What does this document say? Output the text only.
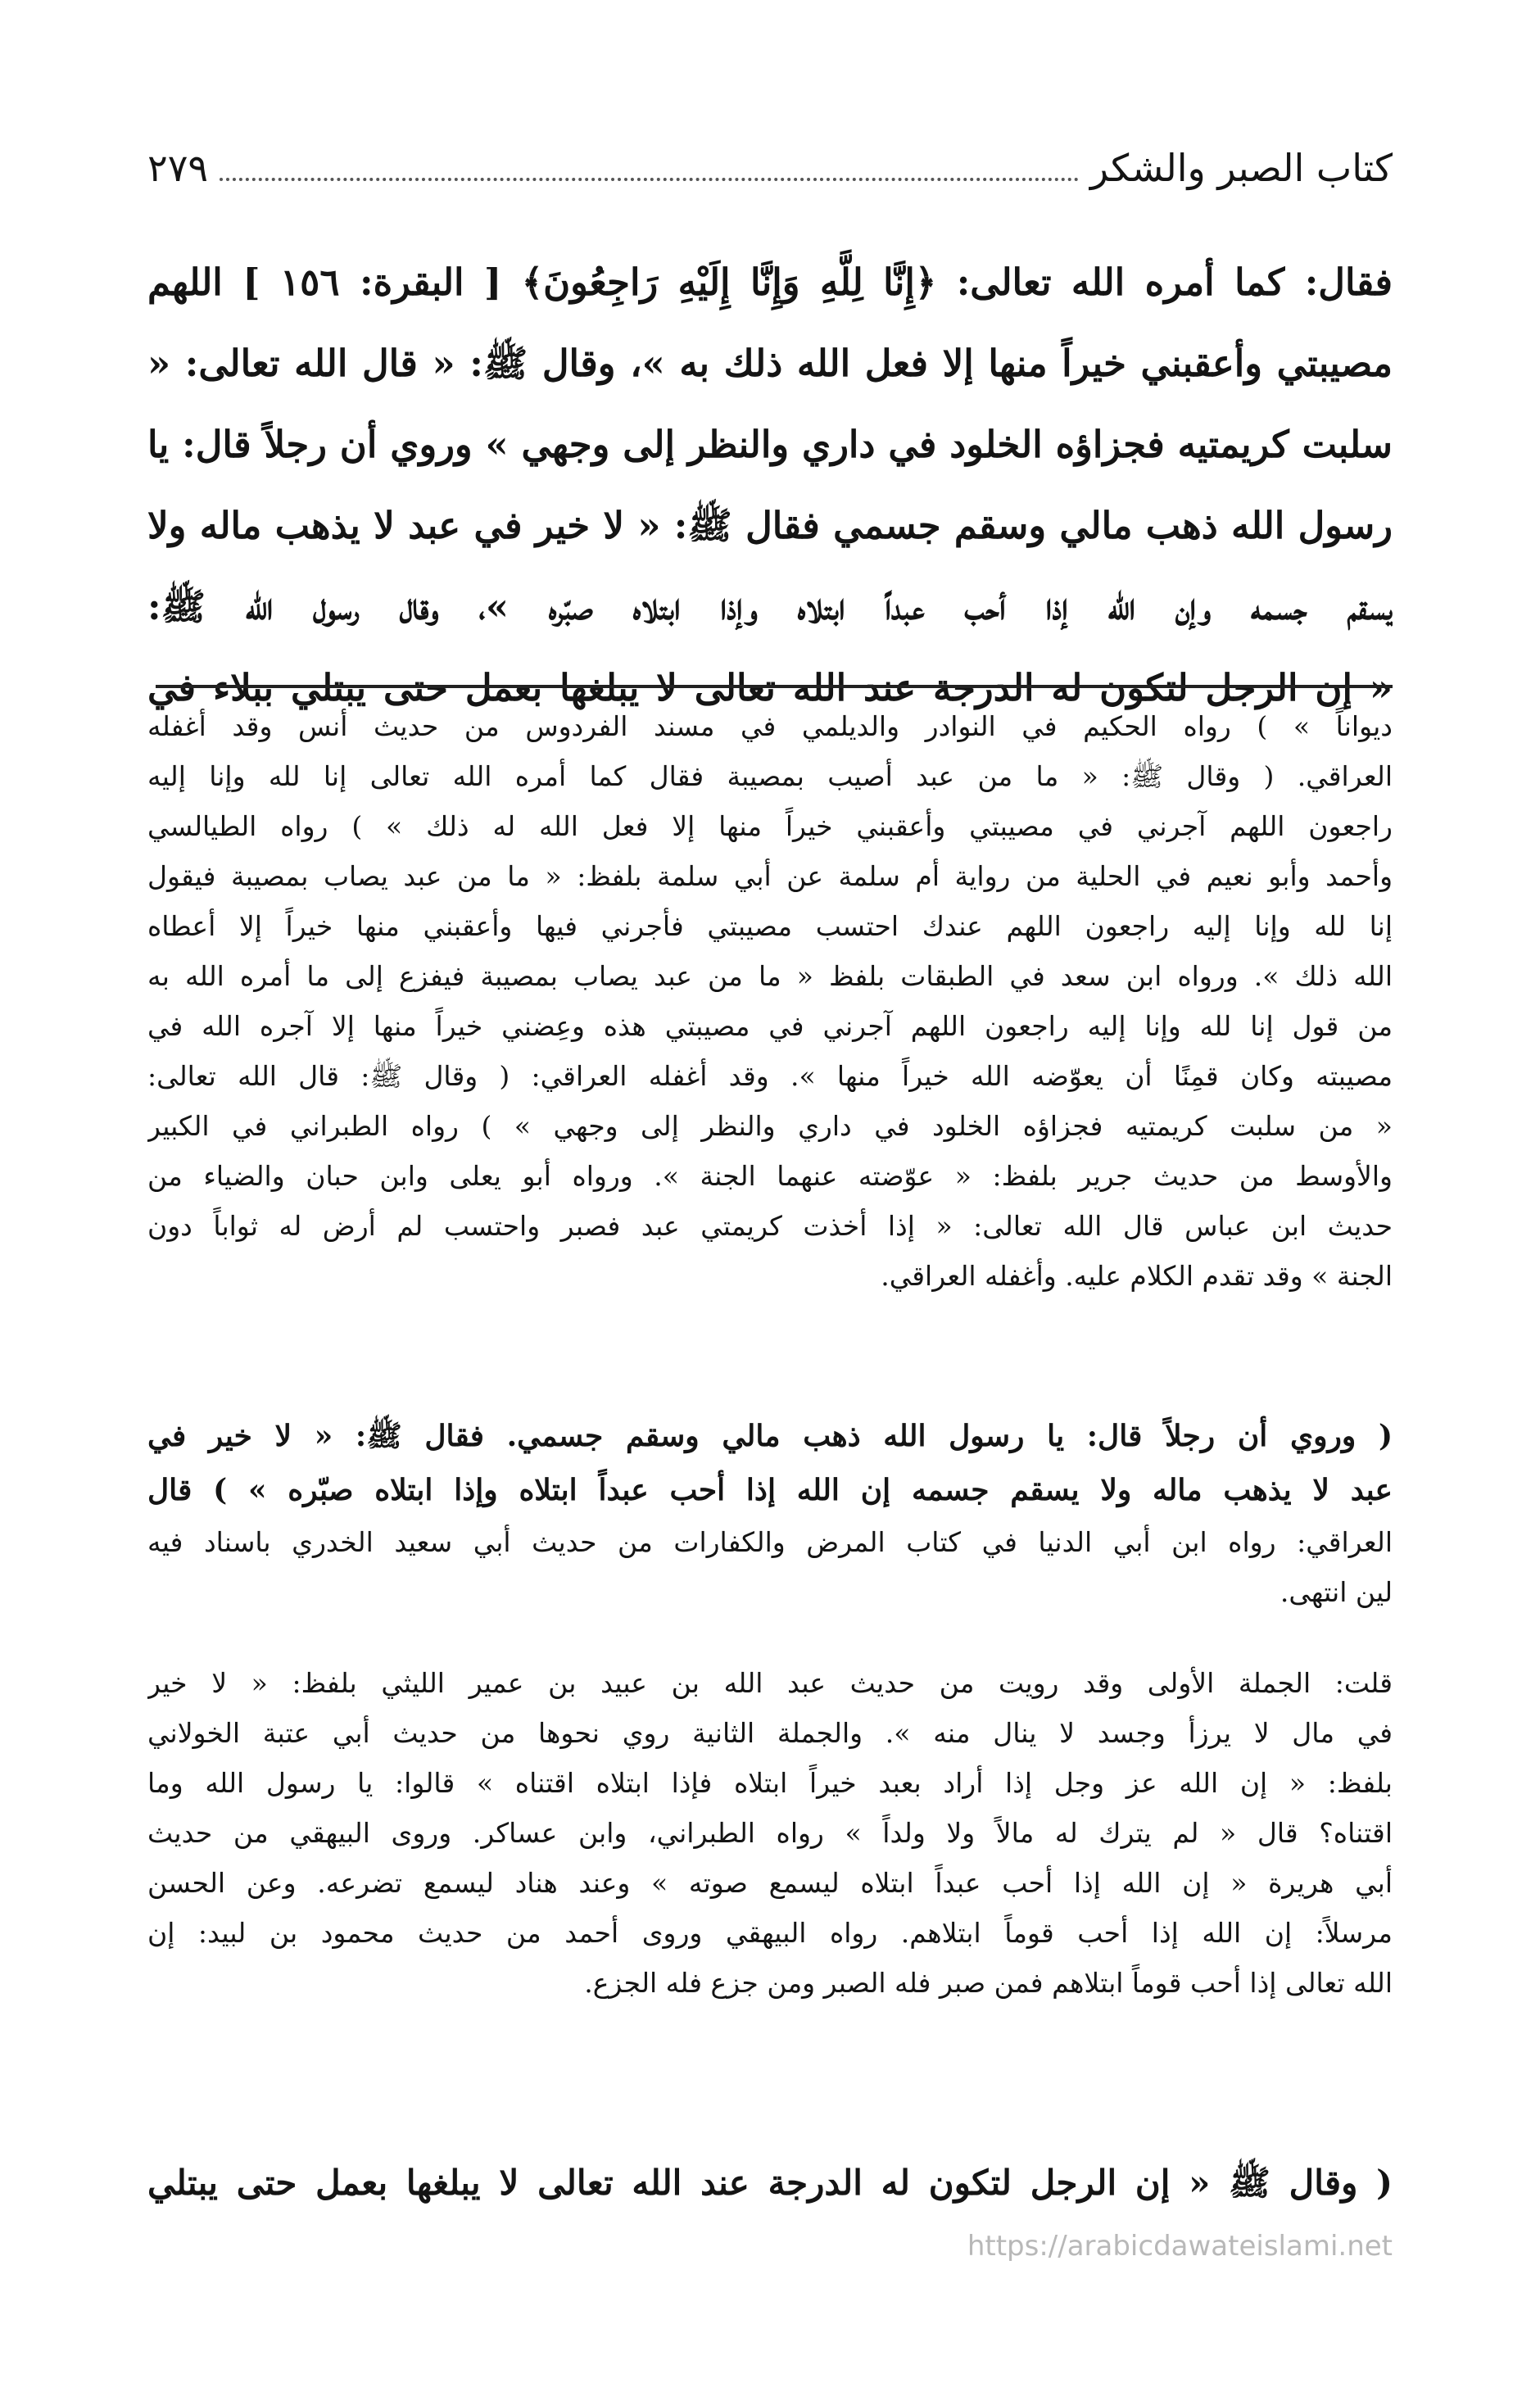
كتاب الصبر والشكر
٢٧٩

فقال: كما أمره الله تعالى: ﴿إِنَّا لِلَّهِ وَإِنَّا إِلَيْهِ رَاجِعُونَ﴾ [ البقرة: ١٥٦ ] اللهم

مصيبتي وأعقبني خيراً منها إلا فعل الله ذلك به »، وقال ﷺ: « قال الله تعالى: «

سلبت كريمتيه فجزاؤه الخلود في داري والنظر إلى وجهي » وروي أن رجلاً قال: يا

رسول الله ذهب مالي وسقم جسمي فقال ﷺ: « لا خير في عبد لا يذهب ماله ولا

يسقم جسمه وإن الله إذا أحب عبداً ابتلاه وإذا ابتلاه صبّره »، وقال رسول الله ﷺ:

« إن الرجل لتكون له الدرجة عند الله تعالى لا يبلغها بعمل حتى يبتلي ببلاء في

ديواناً » ) رواه الحكيم في النوادر والديلمي في مسند الفردوس من حديث أنس وقد أغفله

العراقي. ( وقال ﷺ: « ما من عبد أصيب بمصيبة فقال كما أمره الله تعالى إنا لله وإنا إليه

راجعون اللهم آجرني في مصيبتي وأعقبني خيراً منها إلا فعل الله له ذلك » ) رواه الطيالسي

وأحمد وأبو نعيم في الحلية من رواية أم سلمة عن أبي سلمة بلفظ: « ما من عبد يصاب بمصيبة فيقول

إنا لله وإنا إليه راجعون اللهم عندك احتسب مصيبتي فأجرني فيها وأعقبني منها خيراً إلا أعطاه

الله ذلك ». ورواه ابن سعد في الطبقات بلفظ « ما من عبد يصاب بمصيبة فيفزع إلى ما أمره الله به

من قول إنا لله وإنا إليه راجعون اللهم آجرني في مصيبتي هذه وعِضني خيراً منها إلا آجره الله في

مصيبته وكان قمِنًا أن يعوّضه الله خيراً منها ». وقد أغفله العراقي: ( وقال ﷺ: قال الله تعالى:

« من سلبت كريمتيه فجزاؤه الخلود في داري والنظر إلى وجهي » ) رواه الطبراني في الكبير

والأوسط من حديث جرير بلفظ: « عوّضته عنهما الجنة ». ورواه أبو يعلى وابن حبان والضياء من

حديث ابن عباس قال الله تعالى: « إذا أخذت كريمتي عبد فصبر واحتسب لم أرض له ثواباً دون

الجنة » وقد تقدم الكلام عليه. وأغفله العراقي.

( وروي أن رجلاً قال: يا رسول الله ذهب مالي وسقم جسمي. فقال ﷺ: « لا خير في

عبد لا يذهب ماله ولا يسقم جسمه إن الله إذا أحب عبداً ابتلاه وإذا ابتلاه صبّره » ) قال

العراقي: رواه ابن أبي الدنيا في كتاب المرض والكفارات من حديث أبي سعيد الخدري باسناد فيه

لين انتهى.

قلت: الجملة الأولى وقد رويت من حديث عبد الله بن عبيد بن عمير الليثي بلفظ: « لا خير

في مال لا يرزأ وجسد لا ينال منه ». والجملة الثانية روي نحوها من حديث أبي عتبة الخولاني

بلفظ: « إن الله عز وجل إذا أراد بعبد خيراً ابتلاه فإذا ابتلاه اقتناه » قالوا: يا رسول الله وما

اقتناه؟ قال « لم يترك له مالاً ولا ولداً » رواه الطبراني، وابن عساكر. وروى البيهقي من حديث

أبي هريرة « إن الله إذا أحب عبداً ابتلاه ليسمع صوته » وعند هناد ليسمع تضرعه. وعن الحسن

مرسلاً: إن الله إذا أحب قوماً ابتلاهم. رواه البيهقي وروى أحمد من حديث محمود بن لبيد: إن

الله تعالى إذا أحب قوماً ابتلاهم فمن صبر فله الصبر ومن جزع فله الجزع.

( وقال ﷺ « إن الرجل لتكون له الدرجة عند الله تعالى لا يبلغها بعمل حتى يبتلي
https://arabicdawateislami.net
